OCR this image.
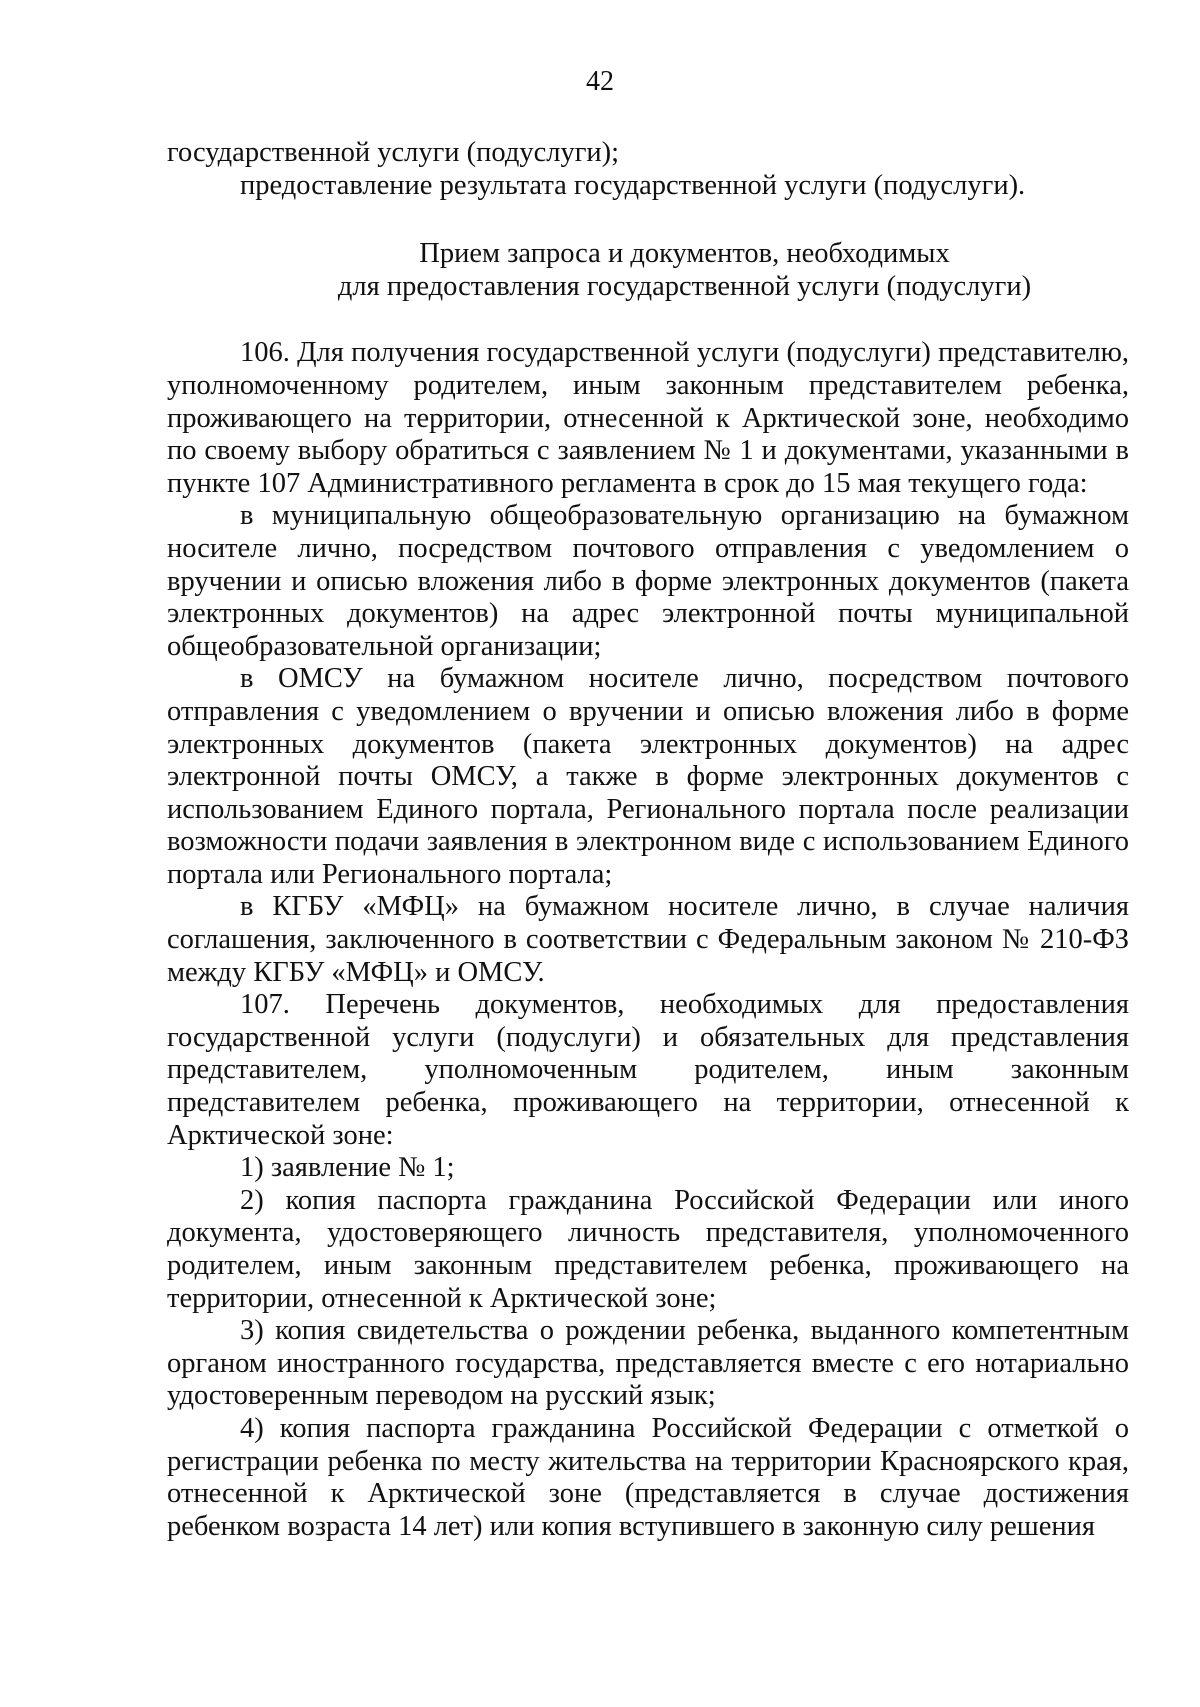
42

государственной услуги (подуслуги);

предоставление результата государственной услуги (подуслуги).

Прием запроса и документов, необходимых
для предоставления государственной услуги (подуслуги)

106. Для получения государственной услуги (подуслуги) представителю, уполномоченному родителем, иным законным представителем ребенка, проживающего на территории, отнесенной к Арктической зоне, необходимо по своему выбору обратиться с заявлением № 1 и документами, указанными в пункте 107 Административного регламента в срок до 15 мая текущего года:

в муниципальную общеобразовательную организацию на бумажном носителе лично, посредством почтового отправления с уведомлением о вручении и описью вложения либо в форме электронных документов (пакета электронных документов) на адрес электронной почты муниципальной общеобразовательной организации;

в ОМСУ на бумажном носителе лично, посредством почтового отправления с уведомлением о вручении и описью вложения либо в форме электронных документов (пакета электронных документов) на адрес электронной почты ОМСУ, а также в форме электронных документов с использованием Единого портала, Регионального портала после реализации возможности подачи заявления в электронном виде с использованием Единого портала или Регионального портала;

в КГБУ «МФЦ» на бумажном носителе лично, в случае наличия соглашения, заключенного в соответствии с Федеральным законом № 210-ФЗ между КГБУ «МФЦ» и ОМСУ.

107. Перечень документов, необходимых для предоставления государственной услуги (подуслуги) и обязательных для представления представителем, уполномоченным родителем, иным законным представителем ребенка, проживающего на территории, отнесенной к Арктической зоне:

1) заявление № 1;

2) копия паспорта гражданина Российской Федерации или иного документа, удостоверяющего личность представителя, уполномоченного родителем, иным законным представителем ребенка, проживающего на территории, отнесенной к Арктической зоне;

3) копия свидетельства о рождении ребенка, выданного компетентным органом иностранного государства, представляется вместе с его нотариально удостоверенным переводом на русский язык;

4) копия паспорта гражданина Российской Федерации с отметкой о регистрации ребенка по месту жительства на территории Красноярского края, отнесенной к Арктической зоне (представляется в случае достижения ребенком возраста 14 лет) или копия вступившего в законную силу решения
